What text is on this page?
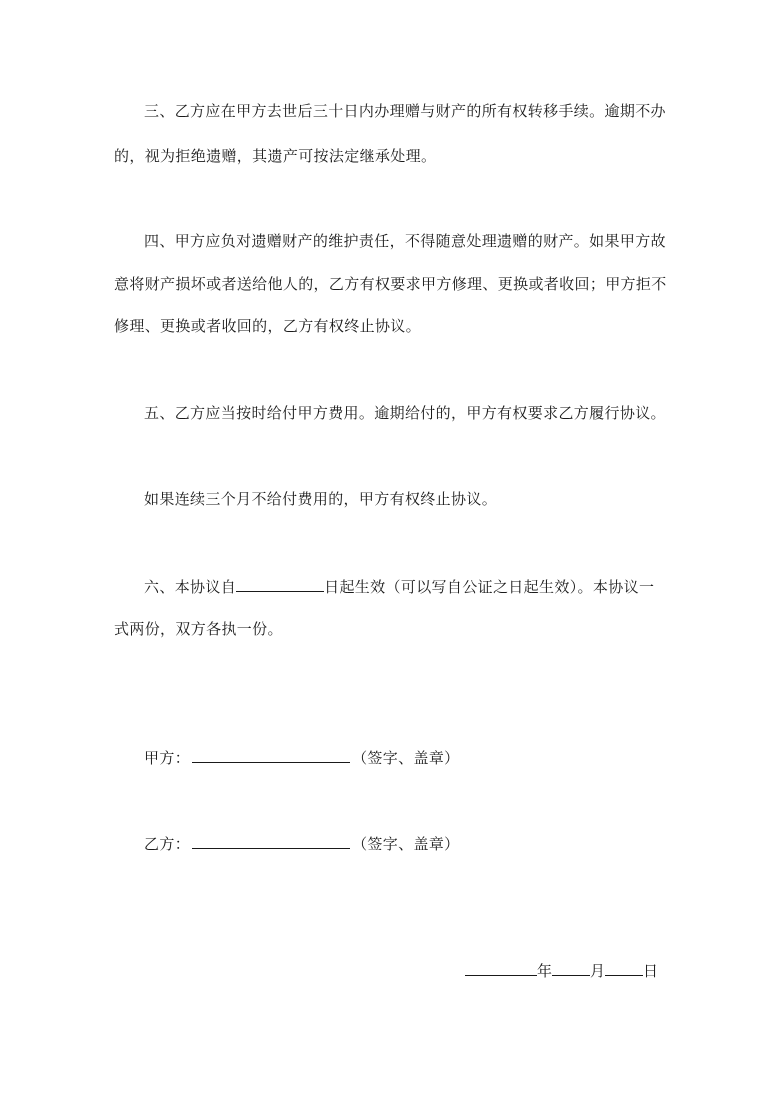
三、乙方应在甲方去世后三十日内办理赠与财产的所有权转移手续。逾期不办
的，视为拒绝遗赠，其遗产可按法定继承处理。
四、甲方应负对遗赠财产的维护责任，不得随意处理遗赠的财产。如果甲方故
意将财产损坏或者送给他人的，乙方有权要求甲方修理、更换或者收回；甲方拒不
修理、更换或者收回的，乙方有权终止协议。
五、乙方应当按时给付甲方费用。逾期给付的，甲方有权要求乙方履行协议。
如果连续三个月不给付费用的，甲方有权终止协议。
六、本协议自	日起生效（可以写自公证之日起生效）。本协议一
式两份，双方各执一份。
甲方：	（签字、盖章）
乙方：	（签字、盖章）
年	月	日
